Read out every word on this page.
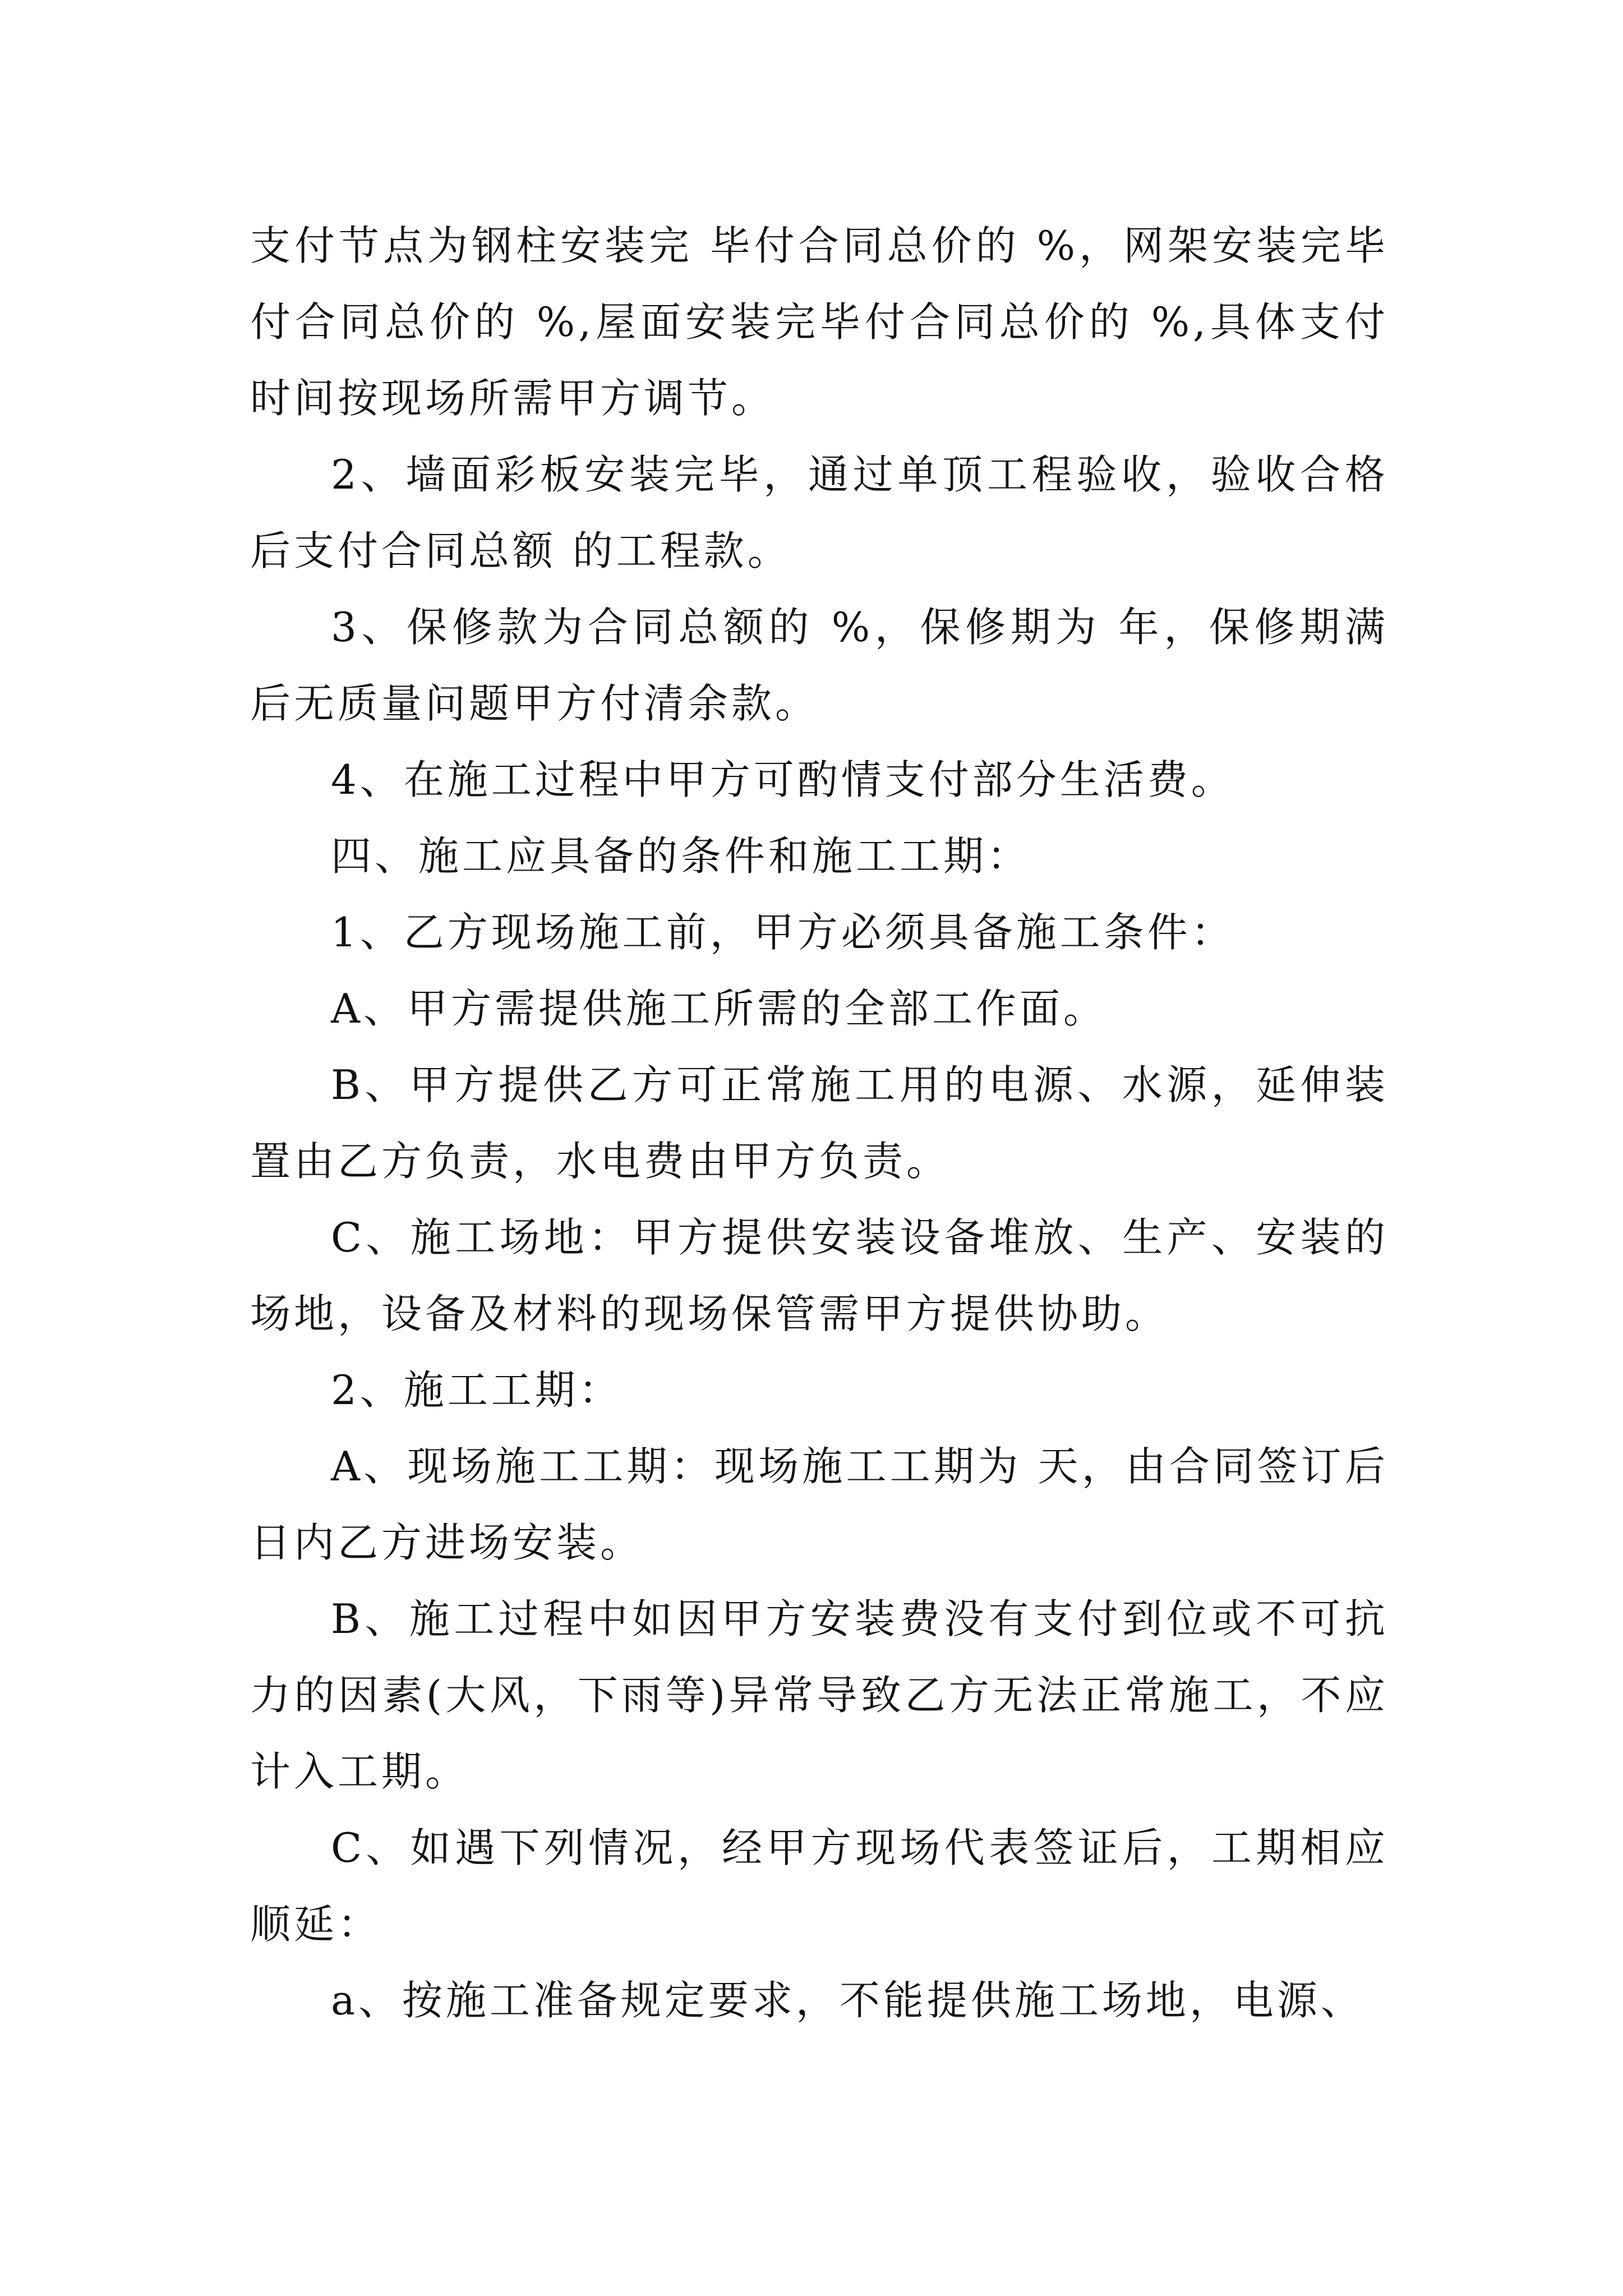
支付节点为钢柱安装完 毕付合同总价的 %，网架安装完毕付合同总价的 %,屋面安装完毕付合同总价的 %,具体支付时间按现场所需甲方调节。

2、墙面彩板安装完毕，通过单顶工程验收，验收合格后支付合同总额 的工程款。

3、保修款为合同总额的 %，保修期为 年，保修期满后无质量问题甲方付清余款。

4、在施工过程中甲方可酌情支付部分生活费。

四、施工应具备的条件和施工工期：

1、乙方现场施工前，甲方必须具备施工条件：

A、甲方需提供施工所需的全部工作面。

B、甲方提供乙方可正常施工用的电源、水源，延伸装置由乙方负责，水电费由甲方负责。

C、施工场地：甲方提供安装设备堆放、生产、安装的场地，设备及材料的现场保管需甲方提供协助。

2、施工工期：

A、现场施工工期：现场施工工期为 天，由合同签订后 日内乙方进场安装。

B、施工过程中如因甲方安装费没有支付到位或不可抗力的因素(大风，下雨等)异常导致乙方无法正常施工，不应计入工期。

C、如遇下列情况，经甲方现场代表签证后，工期相应顺延：

a、按施工准备规定要求，不能提供施工场地，电源、
